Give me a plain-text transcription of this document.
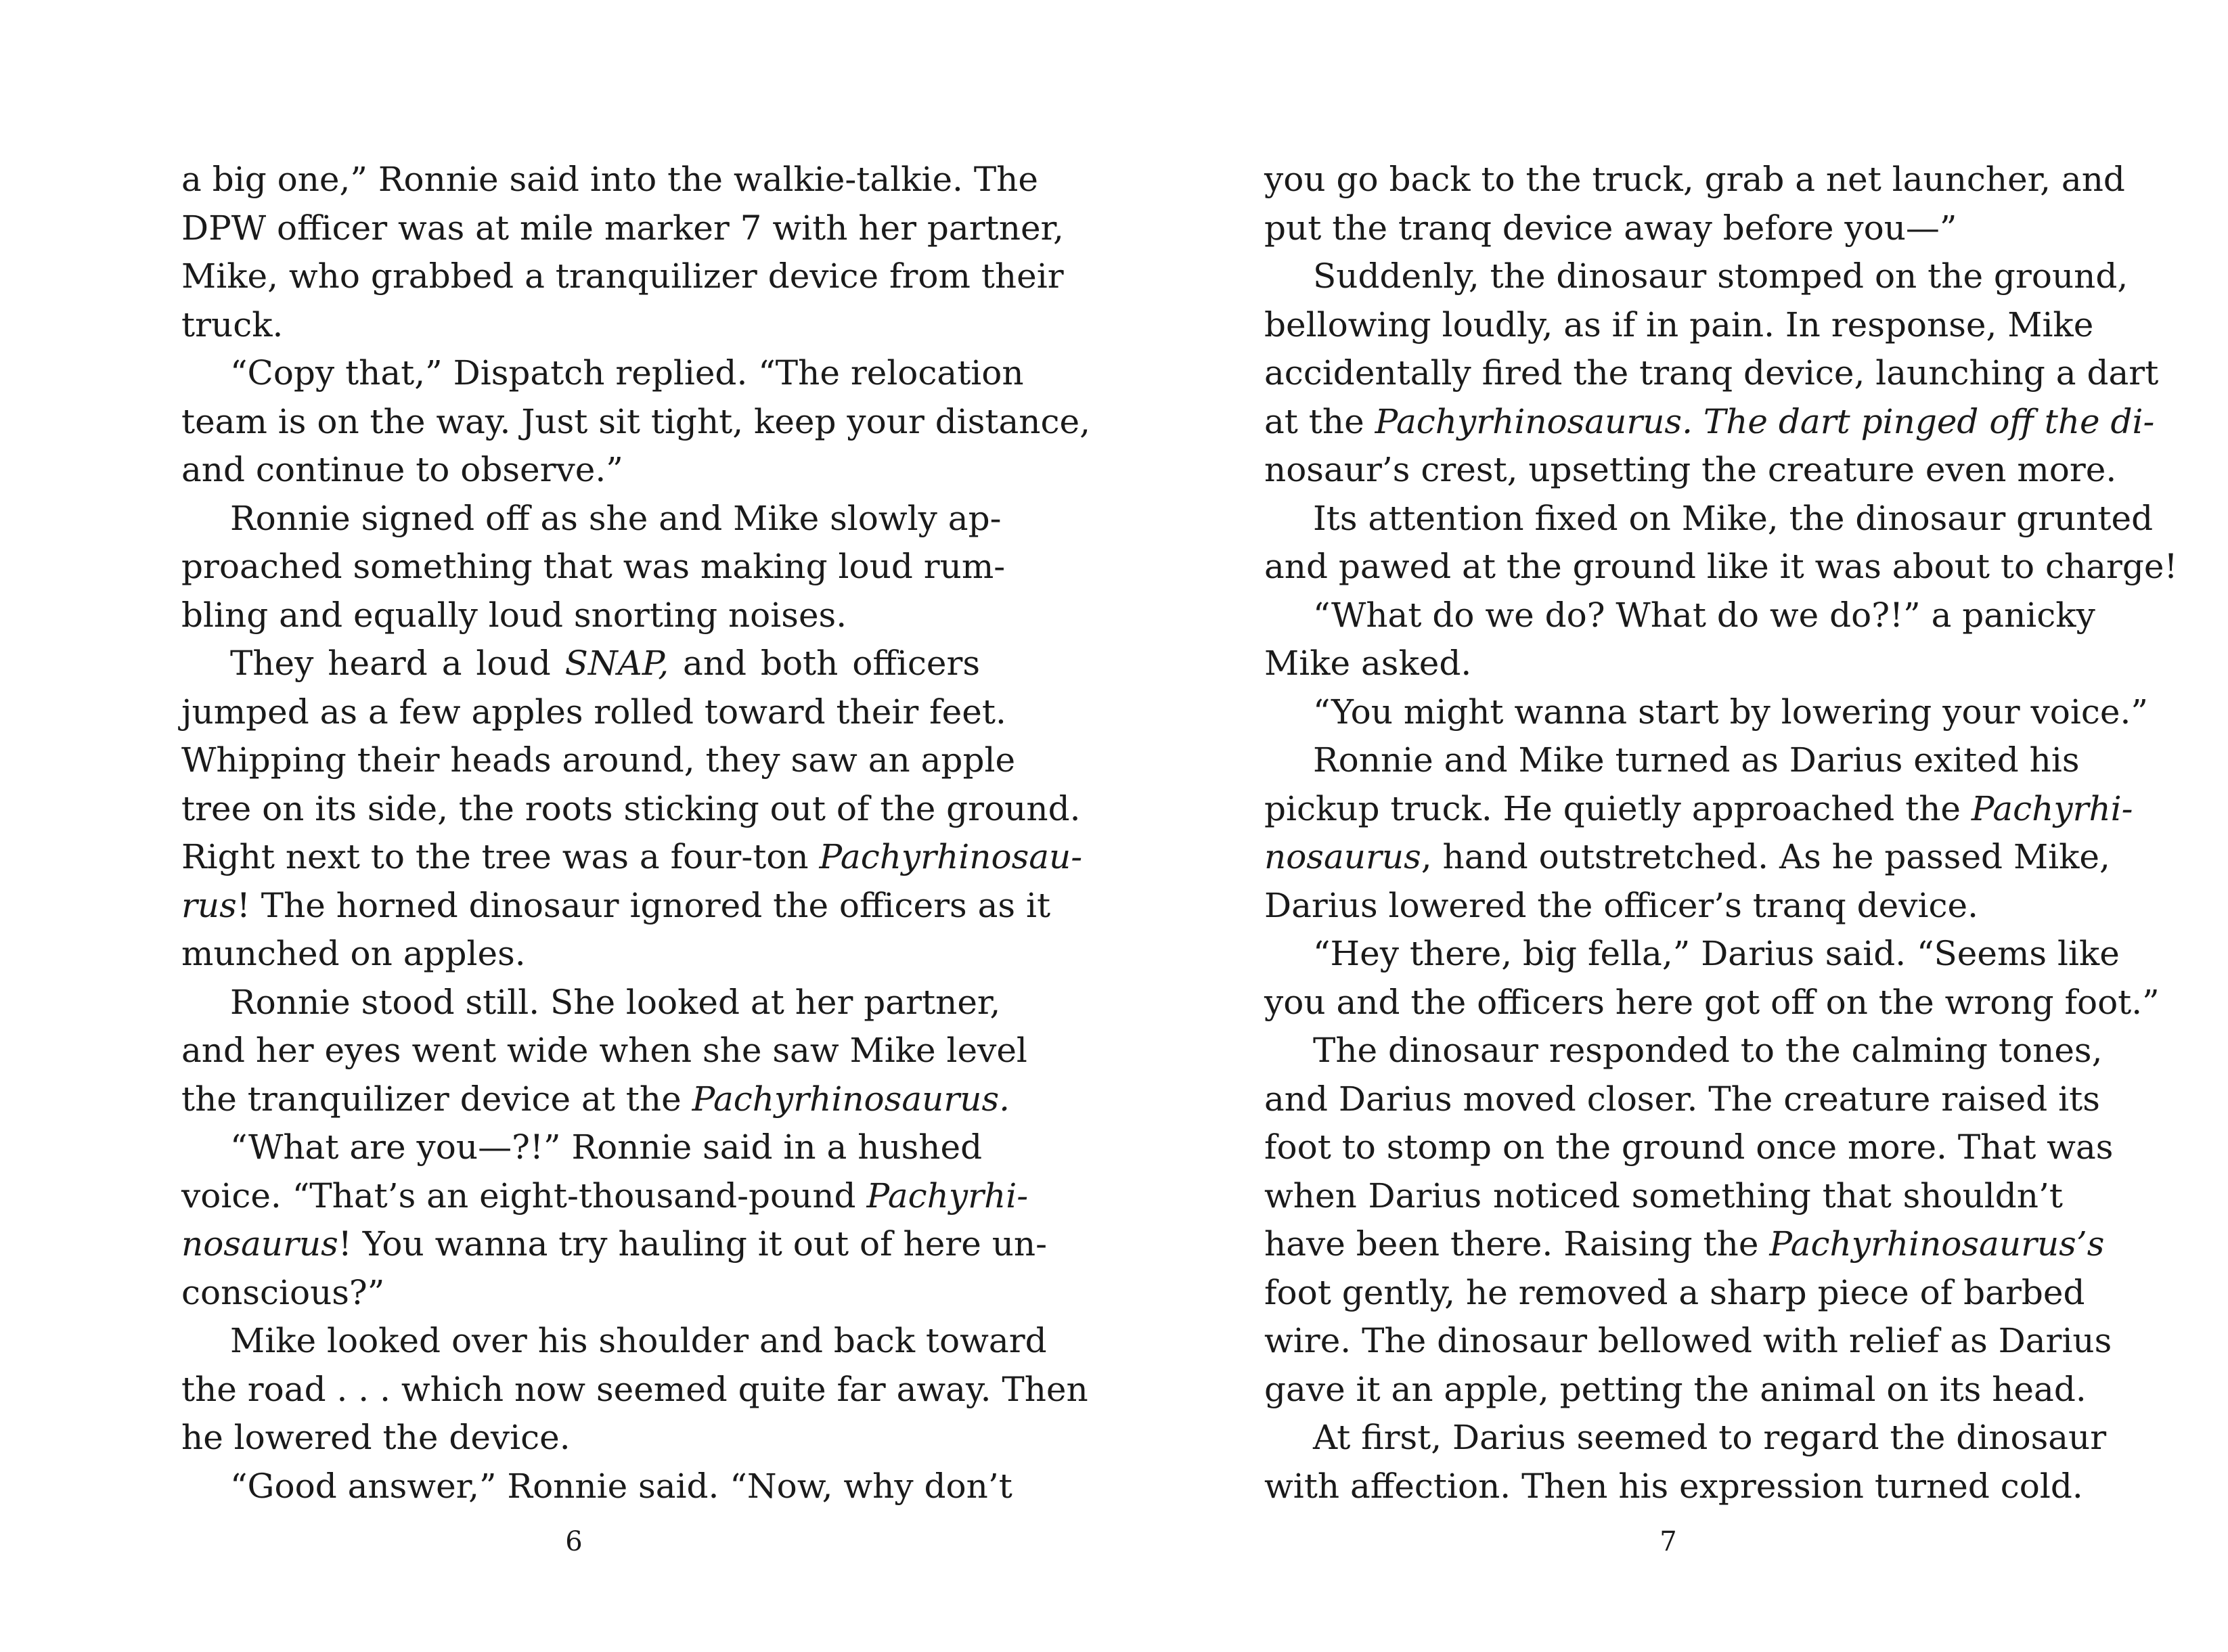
a big one,” Ronnie said into the walkie-talkie. The
DPW officer was at mile marker 7 with her partner,
Mike, who grabbed a tranquilizer device from their
truck.
“Copy that,” Dispatch replied. “The relocation
team is on the way. Just sit tight, keep your distance,
and continue to observe.”
Ronnie signed off as she and Mike slowly ap-
proached something that was making loud rum-
bling and equally loud snorting noises.
They heard a loud SNAP, and both officers
jumped as a few apples rolled toward their feet.
Whipping their heads around, they saw an apple
tree on its side, the roots sticking out of the ground.
Right next to the tree was a four-ton Pachyrhinosau-
rus! The horned dinosaur ignored the officers as it
munched on apples.
Ronnie stood still. She looked at her partner,
and her eyes went wide when she saw Mike level
the tranquilizer device at the Pachyrhinosaurus.
“What are you—?!” Ronnie said in a hushed
voice. “That’s an eight-thousand-pound Pachyrhi-
nosaurus! You wanna try hauling it out of here un-
conscious?”
Mike looked over his shoulder and back toward
the road . . . which now seemed quite far away. Then
he lowered the device.
“Good answer,” Ronnie said. “Now, why don’t
6
you go back to the truck, grab a net launcher, and
put the tranq device away before you—”
Suddenly, the dinosaur stomped on the ground,
bellowing loudly, as if in pain. In response, Mike
accidentally fired the tranq device, launching a dart
at the Pachyrhinosaurus. The dart pinged off the di-
nosaur’s crest, upsetting the creature even more.
Its attention fixed on Mike, the dinosaur grunted
and pawed at the ground like it was about to charge!
“What do we do? What do we do?!” a panicky
Mike asked.
“You might wanna start by lowering your voice.”
Ronnie and Mike turned as Darius exited his
pickup truck. He quietly approached the Pachyrhi-
nosaurus, hand outstretched. As he passed Mike,
Darius lowered the officer’s tranq device.
“Hey there, big fella,” Darius said. “Seems like
you and the officers here got off on the wrong foot.”
The dinosaur responded to the calming tones,
and Darius moved closer. The creature raised its
foot to stomp on the ground once more. That was
when Darius noticed something that shouldn’t
have been there. Raising the Pachyrhinosaurus’s
foot gently, he removed a sharp piece of barbed
wire. The dinosaur bellowed with relief as Darius
gave it an apple, petting the animal on its head.
At first, Darius seemed to regard the dinosaur
with affection. Then his expression turned cold.
7
